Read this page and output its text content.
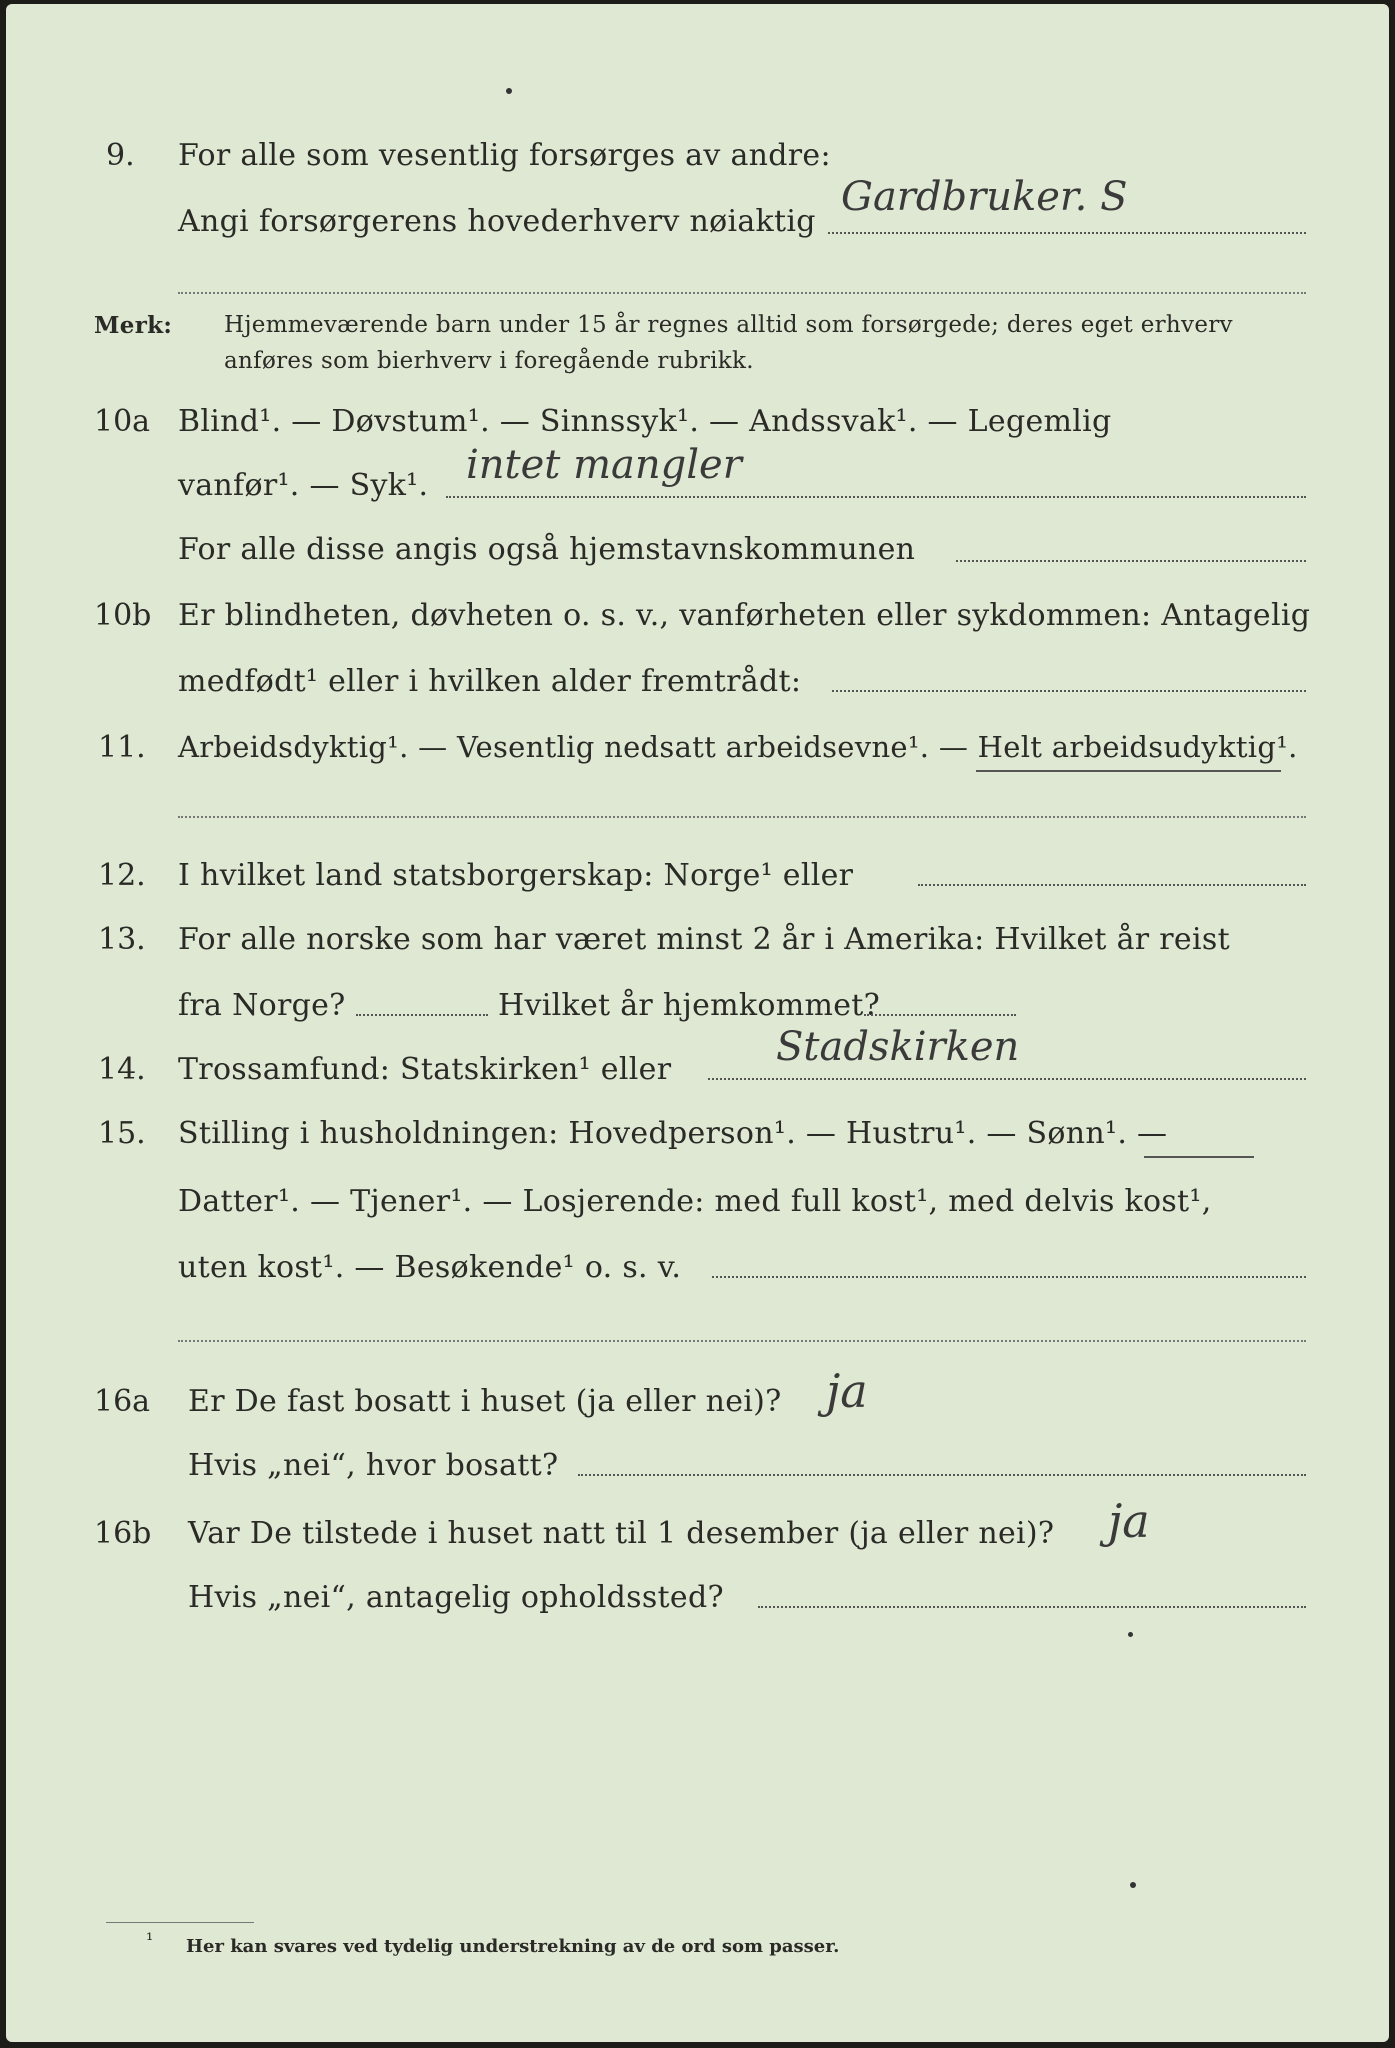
9. For alle som vesentlig forsørges av andre:
Angi forsørgerens hovederhverv nøiaktig
Gardbruker. S
Merk: Hjemmeværende barn under 15 år regnes alltid som forsørgede; deres eget erhverv
anføres som bierhverv i foregående rubrikk.
10a Blind¹. — Døvstum¹. — Sinnssyk¹. — Andssvak¹. — Legemlig
vanfør¹. — Syk¹. intet mangler
For alle disse angis også hjemstavnskommunen
10b Er blindheten, døvheten o. s. v., vanførheten eller sykdommen: Antagelig
medfødt¹ eller i hvilken alder fremtrådt:
11. Arbeidsdyktig¹. — Vesentlig nedsatt arbeidsevne¹. — Helt arbeidsudyktig¹.
12. I hvilket land statsborgerskap: Norge¹ eller
13. For alle norske som har været minst 2 år i Amerika: Hvilket år reist
fra Norge?	Hvilket år hjemkommet?
14. Trossamfund: Statskirken¹ eller	Stadskirken
15. Stilling i husholdningen: Hovedperson¹. — Hustru¹. — Sønn¹. —
Datter¹. — Tjener¹. — Losjerende: med full kost¹, med delvis kost¹,
uten kost¹. — Besøkende¹ o. s. v.
16a Er De fast bosatt i huset (ja eller nei)? ja
Hvis „nei“, hvor bosatt?
16b Var De tilstede i huset natt til 1 desember (ja eller nei)? ja
Hvis „nei“, antagelig opholdssted?
¹ Her kan svares ved tydelig understrekning av de ord som passer.
